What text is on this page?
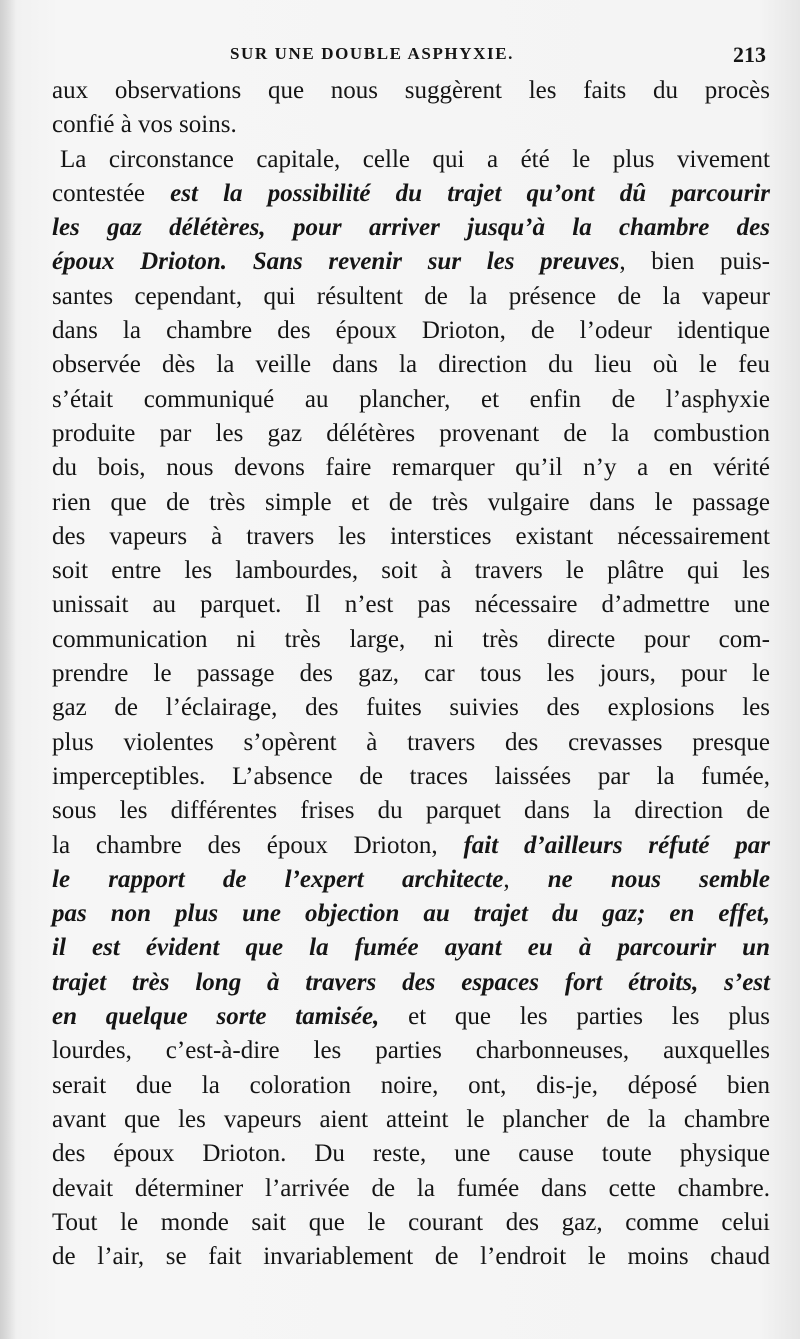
SUR UNE DOUBLE ASPHYXIE.	213
aux observations que nous suggèrent les faits du procès
confié à vos soins.
La circonstance capitale, celle qui a été le plus vivement
contestée est la possibilité du trajet qu’ont dû parcourir
les gaz délétères, pour arriver jusqu’à la chambre des
époux Drioton. Sans revenir sur les preuves, bien puis-
santes cependant, qui résultent de la présence de la vapeur
dans la chambre des époux Drioton, de l’odeur identique
observée dès la veille dans la direction du lieu où le feu
s’était communiqué au plancher, et enfin de l’asphyxie
produite par les gaz délétères provenant de la combustion
du bois, nous devons faire remarquer qu’il n’y a en vérité
rien que de très simple et de très vulgaire dans le passage
des vapeurs à travers les interstices existant nécessairement
soit entre les lambourdes, soit à travers le plâtre qui les
unissait au parquet. Il n’est pas nécessaire d’admettre une
communication ni très large, ni très directe pour com-
prendre le passage des gaz, car tous les jours, pour le
gaz de l’éclairage, des fuites suivies des explosions les
plus violentes s’opèrent à travers des crevasses presque
imperceptibles. L’absence de traces laissées par la fumée,
sous les différentes frises du parquet dans la direction de
la chambre des époux Drioton, fait d’ailleurs réfuté par
le rapport de l’expert architecte, ne nous semble
pas non plus une objection au trajet du gaz; en effet,
il est évident que la fumée ayant eu à parcourir un
trajet très long à travers des espaces fort étroits, s’est
en quelque sorte tamisée, et que les parties les plus
lourdes, c’est-à-dire les parties charbonneuses, auxquelles
serait due la coloration noire, ont, dis-je, déposé bien
avant que les vapeurs aient atteint le plancher de la chambre
des époux Drioton. Du reste, une cause toute physique
devait déterminer l’arrivée de la fumée dans cette chambre.
Tout le monde sait que le courant des gaz, comme celui
de l’air, se fait invariablement de l’endroit le moins chaud
